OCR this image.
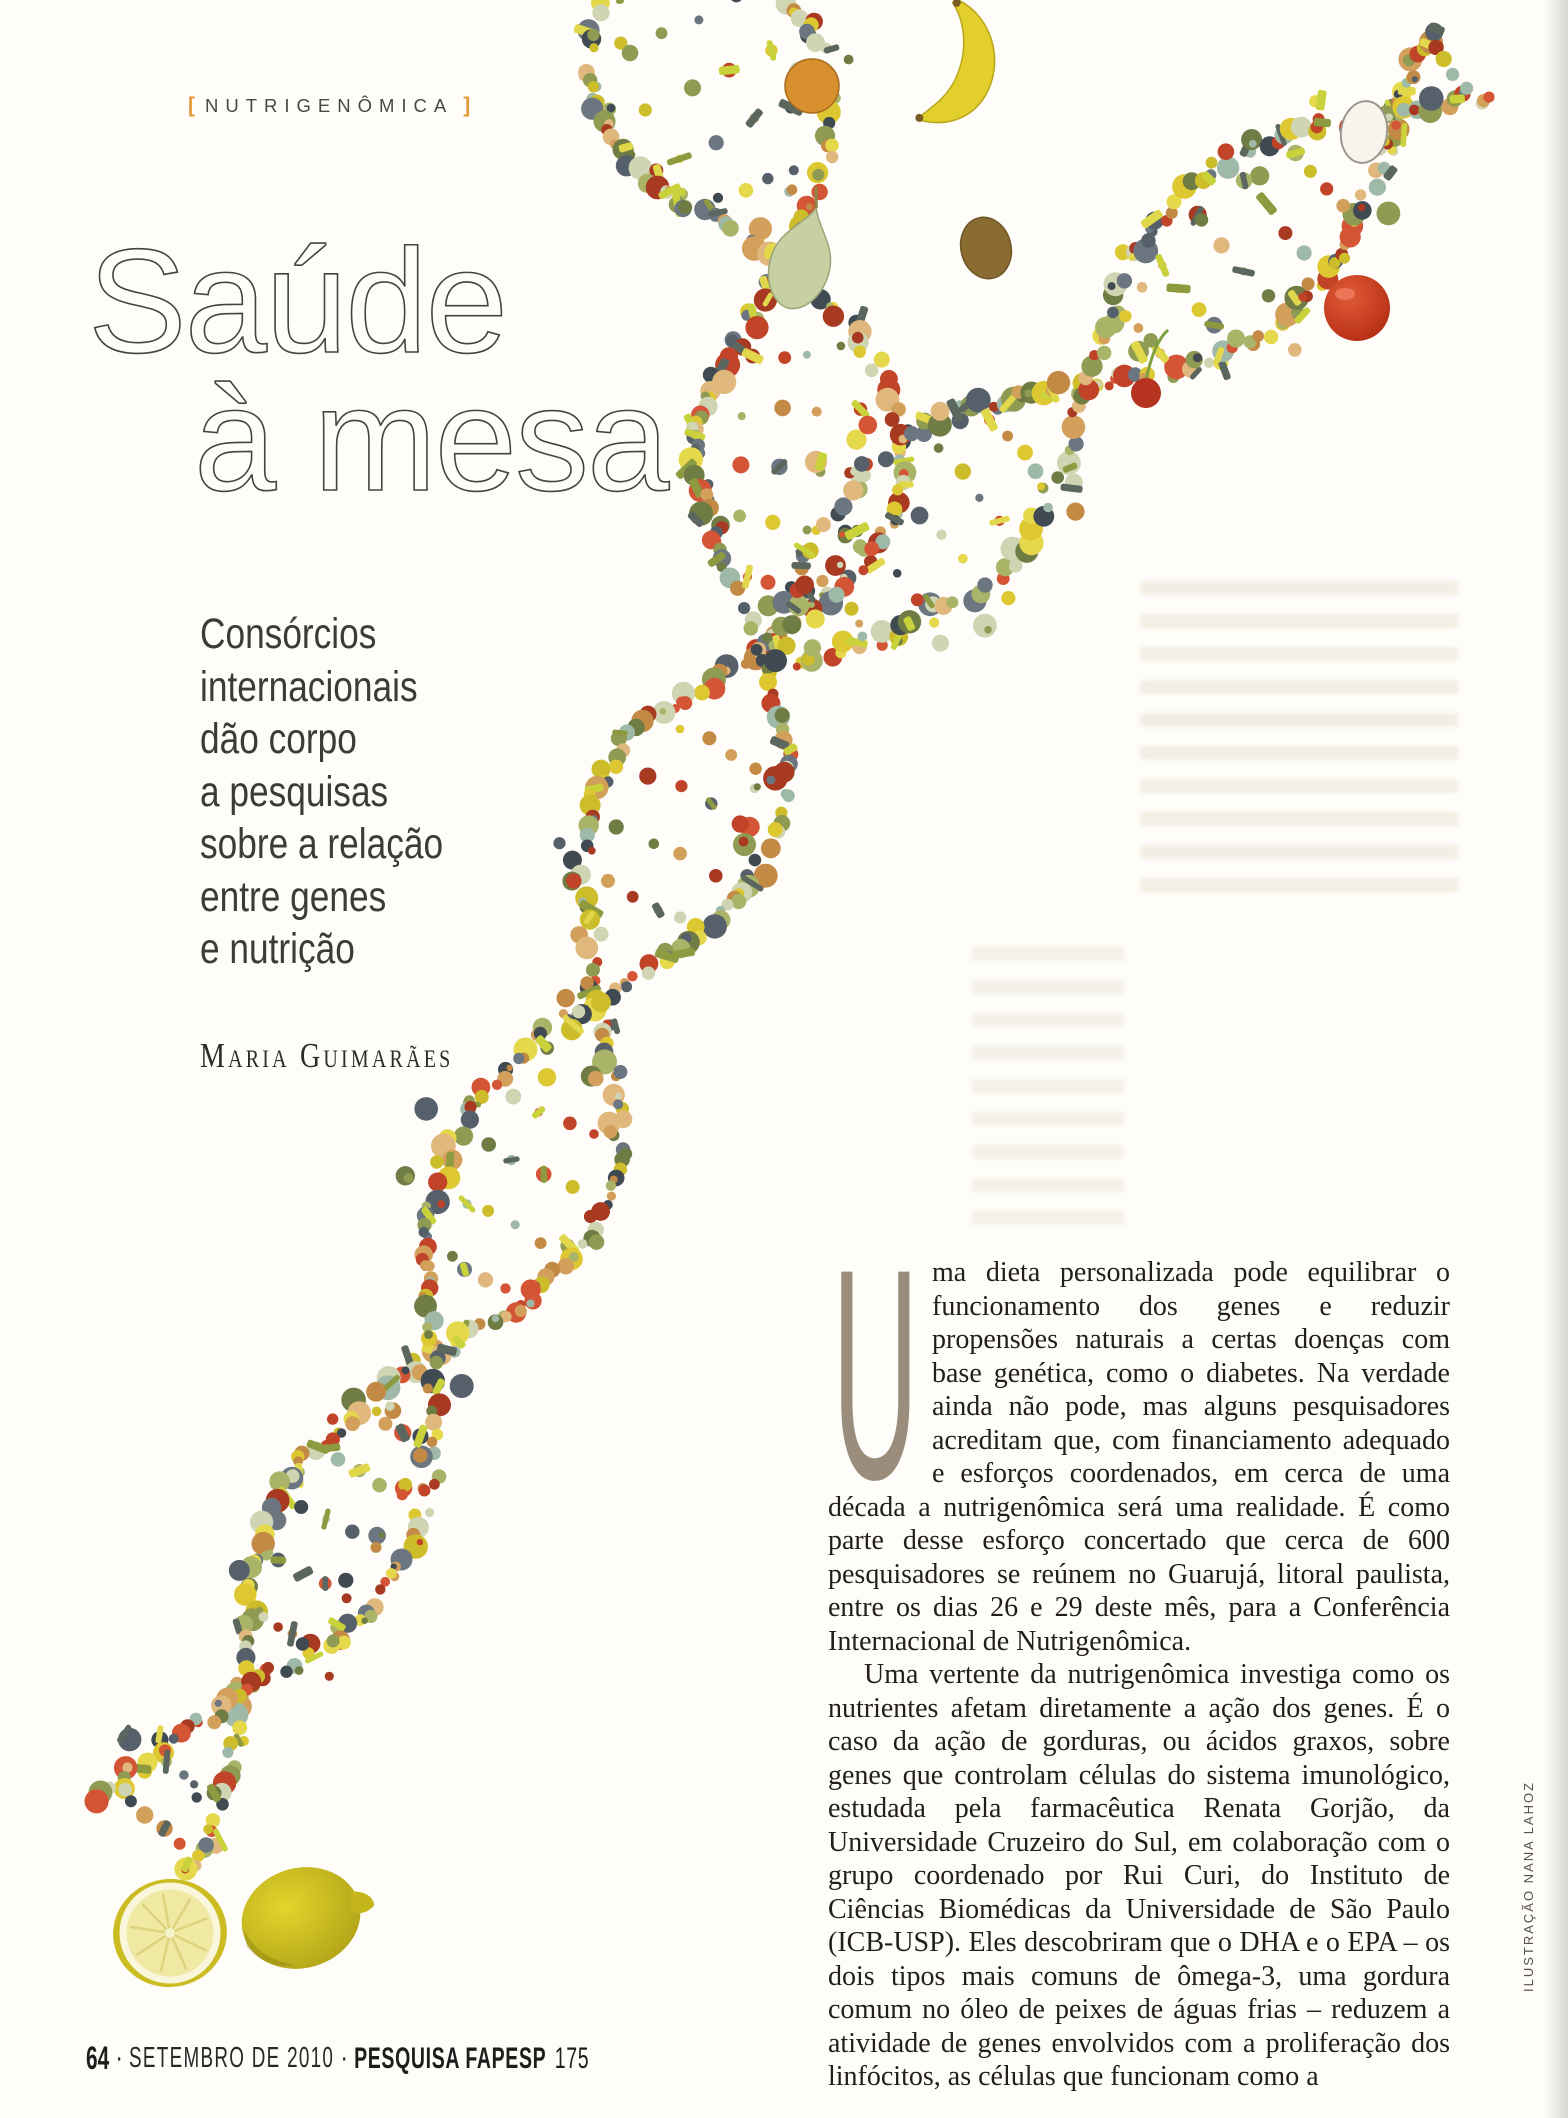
[ NUTRIGENÔMICA ]
Saúde
à mesa
Consórcios
internacionais
dão corpo
a pesquisas
sobre a relação
entre genes
e nutrição
Maria Guimarães
U ma dieta personalizada pode equilibrar o funcionamento dos genes e reduzir propensões naturais a certas doenças com base genética, como o diabetes. Na verdade ainda não pode, mas alguns pesquisadores acreditam que, com financiamento adequado e esforços coordenados, em cerca de uma década a nutrigenômica será uma realidade. É como parte desse esforço concertado que cerca de 600 pesquisadores se reúnem no Guarujá, litoral paulista, entre os dias 26 e 29 deste mês, para a Conferência Internacional de Nutrigenômica.

Uma vertente da nutrigenômica investiga como os nutrientes afetam diretamente a ação dos genes. É o caso da ação de gorduras, ou ácidos graxos, sobre genes que controlam células do sistema imunológico, estudada pela farmacêutica Renata Gorjão, da Universidade Cruzeiro do Sul, em colaboração com o grupo coordenado por Rui Curi, do Instituto de Ciências Biomédicas da Universidade de São Paulo (ICB-USP). Eles descobriram que o DHA e o EPA – os dois tipos mais comuns de ômega-3, uma gordura comum no óleo de peixes de águas frias – reduzem a atividade de genes envolvidos com a proliferação dos linfócitos, as células que funcionam como a

64 ▪ SETEMBRO DE 2010 ▪ PESQUISA FAPESP 175
ILUSTRAÇÃO NANA LAHOZ
